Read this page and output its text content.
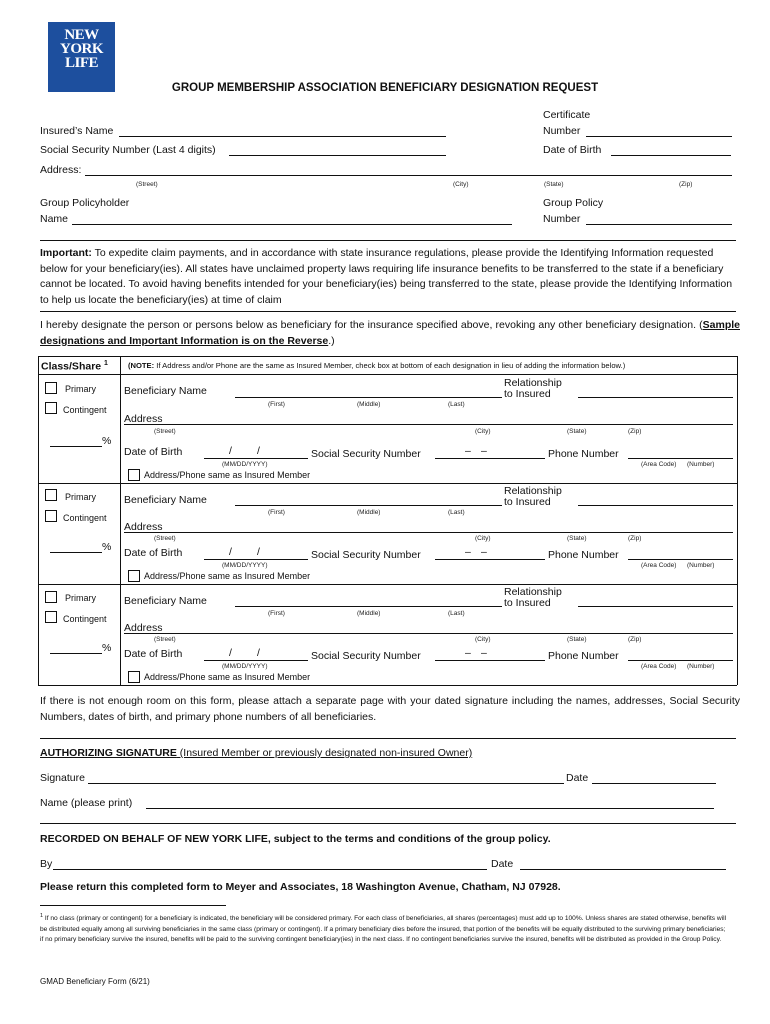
NEW
YORK
LIFE
GROUP MEMBERSHIP ASSOCIATION BENEFICIARY DESIGNATION REQUEST
Certificate
Number
Insured’s Name
Social Security Number (Last 4 digits)	Date of Birth
Address:
(Street)	(City)	(State)	(Zip)
Group Policyholder
Name
Group Policy
Number
Important: To expedite claim payments, and in accordance with state insurance regulations, please provide the Identifying Information requested below for your beneficiary(ies). All states have unclaimed property laws requiring life insurance benefits to be transferred to the state if a beneficiary cannot be located. To avoid having benefits intended for your beneficiary(ies) being transferred to the state, please provide the Identifying Information to help us locate the beneficiary(ies) at time of claim
I hereby designate the person or persons below as beneficiary for the insurance specified above, revoking any other beneficiary designation. (Sample designations and Important Information is on the Reverse.)
Class/Share $^1$	(NOTE: If Address and/or Phone are the same as Insured Member, check box at bottom of each designation in lieu of adding the information below.)
Primary
Contingent
%
Beneficiary Name
(First)	(Middle)	(Last)
Relationship
to Insured
Address
(Street)	(City)	(State)	(Zip)
Date of Birth	/ /
(MM/DD/YYYY)
Social Security Number	– –	Phone Number
(Area Code) (Number)
Address/Phone same as Insured Member
Primary
Contingent
%
Beneficiary Name
(First)	(Middle)	(Last)
Relationship
to Insured
Address
(Street)	(City)	(State)	(Zip)
Date of Birth	/ /
(MM/DD/YYYY)
Social Security Number	– –	Phone Number
(Area Code) (Number)
Address/Phone same as Insured Member
Primary
Contingent
%
Beneficiary Name
(First)	(Middle)	(Last)
Relationship
to Insured
Address
(Street)	(City)	(State)	(Zip)
Date of Birth	/ /
(MM/DD/YYYY)
Social Security Number	– –	Phone Number
(Area Code) (Number)
Address/Phone same as Insured Member
If there is not enough room on this form, please attach a separate page with your dated signature including the names, addresses, Social Security Numbers, dates of birth, and primary phone numbers of all beneficiaries.
AUTHORIZING SIGNATURE (Insured Member or previously designated non-insured Owner)
Signature	Date
Name (please print)
RECORDED ON BEHALF OF NEW YORK LIFE, subject to the terms and conditions of the group policy.
By	Date
Please return this completed form to Meyer and Associates, 18 Washington Avenue, Chatham, NJ 07928.
$^1$ If no class (primary or contingent) for a beneficiary is indicated, the beneficiary will be considered primary. For each class of beneficiaries, all shares (percentages) must add up to 100%. Unless shares are stated otherwise, benefits will be distributed equally among all surviving beneficiaries in the same class (primary or contingent). If a primary beneficiary dies before the insured, that portion of the benefits will be equally distributed to the surviving primary beneficiaries; if no primary beneficiary survive the insured, benefits will be paid to the surviving contingent beneficiary(ies) in the next class. If no contingent beneficiaries survive the insured, benefits will be distributed as provided in the Group Policy.
GMAD Beneficiary Form (6/21)
